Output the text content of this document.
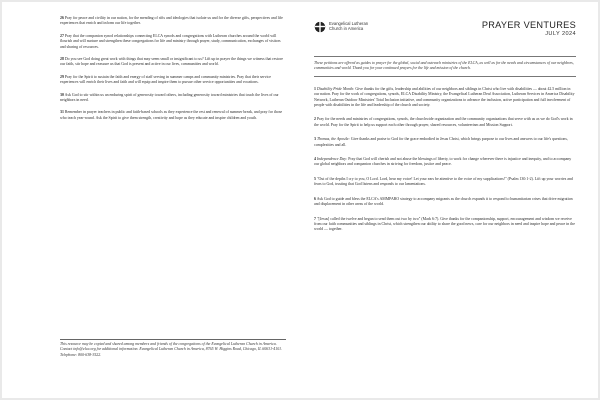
26 Pray for peace and civility in our nation, for the mending of rifts and ideologies that isolate us and for the diverse gifts, perspectives and life experiences that enrich and inform our life together.

27 Pray that the companion synod relationships connecting ELCA synods and congregations with Lutheran churches around the world will flourish and will nurture and strengthen these congregations for life and ministry through prayer, study, communication, exchanges of visitors and sharing of resources.

28 Do you see God doing great work with things that may seem small or insignificant to us? Lift up in prayer the things we witness that restore our faith, stir hope and reassure us that God is present and active in our lives, communities and world.

29 Pray for the Spirit to sustain the faith and energy of staff serving in summer camps and community ministries. Pray that their service experiences will enrich their lives and faith and will equip and inspire them to pursue other service opportunities and vocations.

30 Ask God to stir within us an enduring spirit of generosity toward others, including generosity toward ministries that touch the lives of our neighbors in need.

31 Remember in prayer teachers in public and faith-based schools as they experience the rest and renewal of summer break, and pray for those who teach year-round. Ask the Spirit to give them strength, creativity and hope as they educate and inspire children and youth.

This resource may be copied and shared among members and friends of the congregations of the Evangelical Lutheran Church in America. Contact info@elca.org for additional information. Evangelical Lutheran Church in America, 8765 W. Higgins Road, Chicago, IL 60631-4101. Telephone: 800-638-3522.
Evangelical Lutheran Church in America	PRAYER VENTURES
JULY 2024
These petitions are offered as guides to prayer for the global, social and outreach ministries of the ELCA, as well as for the needs and circumstances of our neighbors, communities and world. Thank you for your continued prayers for the life and mission of the church.

1 Disability Pride Month: Give thanks for the gifts, leadership and abilities of our neighbors and siblings in Christ who live with disabilities — about 42.5 million in our nation. Pray for the work of congregations, synods, ELCA Disability Ministry, the Evangelical Lutheran Deaf Association, Lutheran Services in America Disability Network, Lutheran Outdoor Ministries' Total Inclusion initiative, and community organizations to advance the inclusion, active participation and full involvement of people with disabilities in the life and leadership of the church and society.

2 Pray for the needs and ministries of congregations, synods, the churchwide organization and the community organizations that serve with us as we do God's work in the world. Pray for the Spirit to help us support each other through prayer, shared resources, volunteerism and Mission Support.

3 Thomas, the Apostle: Give thanks and praise to God for the grace embodied in Jesus Christ, which brings purpose to our lives and answers to our life's questions, complexities and all.

4 Independence Day: Pray that God will cherish and not abuse the blessings of liberty, to work for change wherever there is injustice and inequity, and to accompany our global neighbors and companion churches in striving for freedom, justice and peace.

5 "Out of the depths I cry to you, O Lord. Lord, hear my voice! Let your ears be attentive to the voice of my supplications!" (Psalm 130:1-2). Lift up your worries and fears to God, trusting that God listens and responds to our lamentations.

6 Ask God to guide and bless the ELCA's AMMPARO strategy to accompany migrants as the church expands it to respond to humanitarian crises that drive migration and displacement in other areas of the world.

7 "[Jesus] called the twelve and began to send them out two by two" (Mark 6:7). Give thanks for the companionship, support, encouragement and wisdom we receive from our faith communities and siblings in Christ, which strengthen our ability to share the good news, care for our neighbors in need and inspire hope and peace in the world — together.
